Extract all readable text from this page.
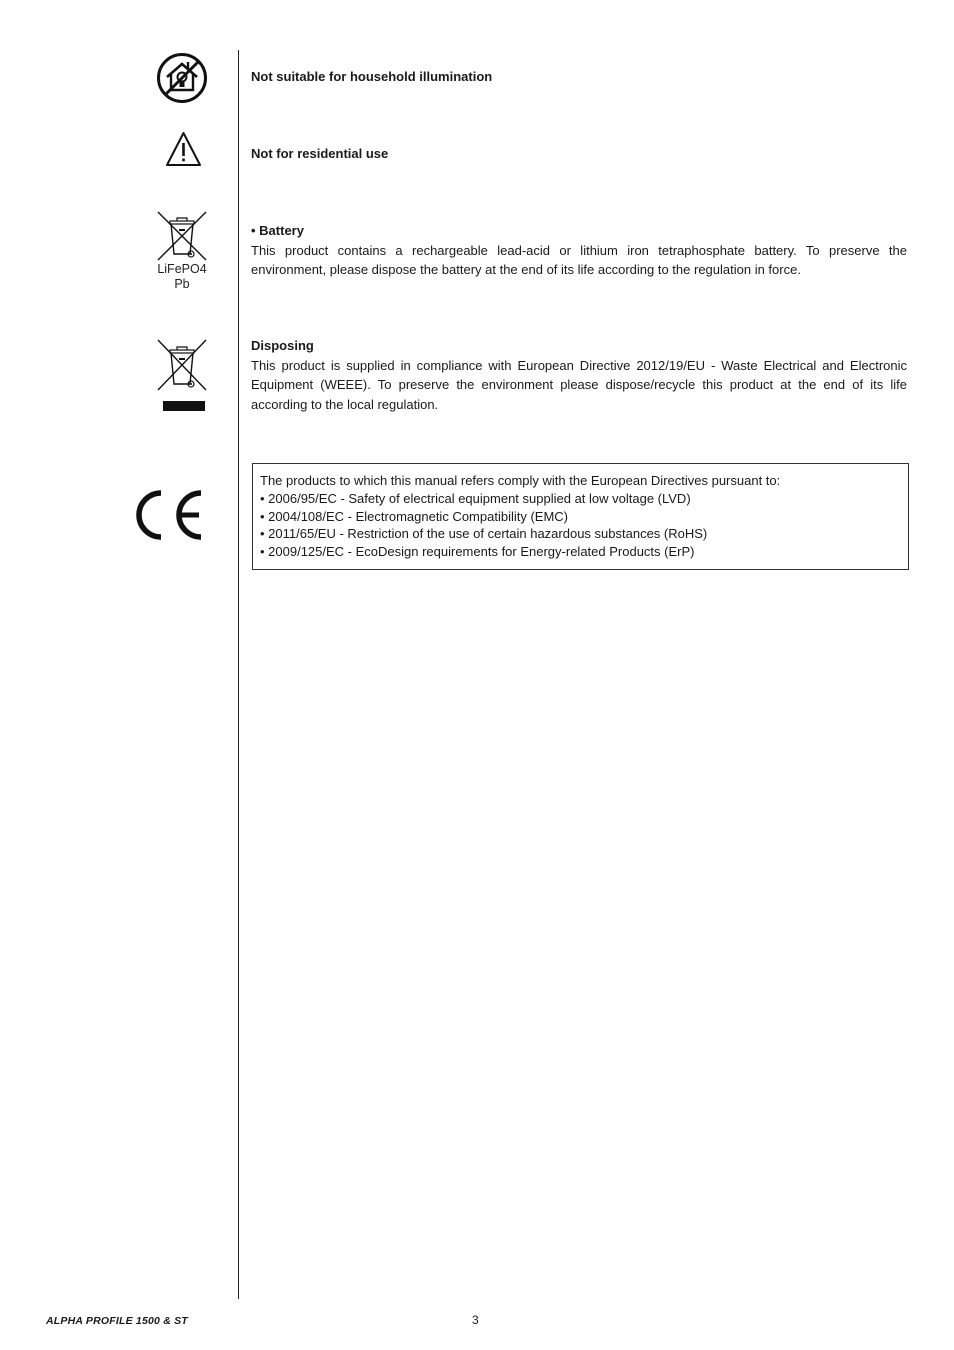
Not suitable for household illumination
Not for residential use
LiFePO4
Pb
• Battery
This product contains a rechargeable lead-acid or lithium iron tetraphosphate battery. To preserve the environment, please dispose the battery at the end of its life according to the regulation in force.
Disposing
This product is supplied in compliance with European Directive 2012/19/EU - Waste Electrical and Electronic Equipment (WEEE). To preserve the environment please dispose/recycle this product at the end of its life according to the local regulation.
The products to which this manual refers comply with the European Directives pursuant to:
• 2006/95/EC - Safety of electrical equipment supplied at low voltage (LVD)
• 2004/108/EC - Electromagnetic Compatibility (EMC)
• 2011/65/EU - Restriction of the use of certain hazardous substances (RoHS)
• 2009/125/EC - EcoDesign requirements for Energy-related Products (ErP)
ALPHA PROFILE 1500 & ST	3
